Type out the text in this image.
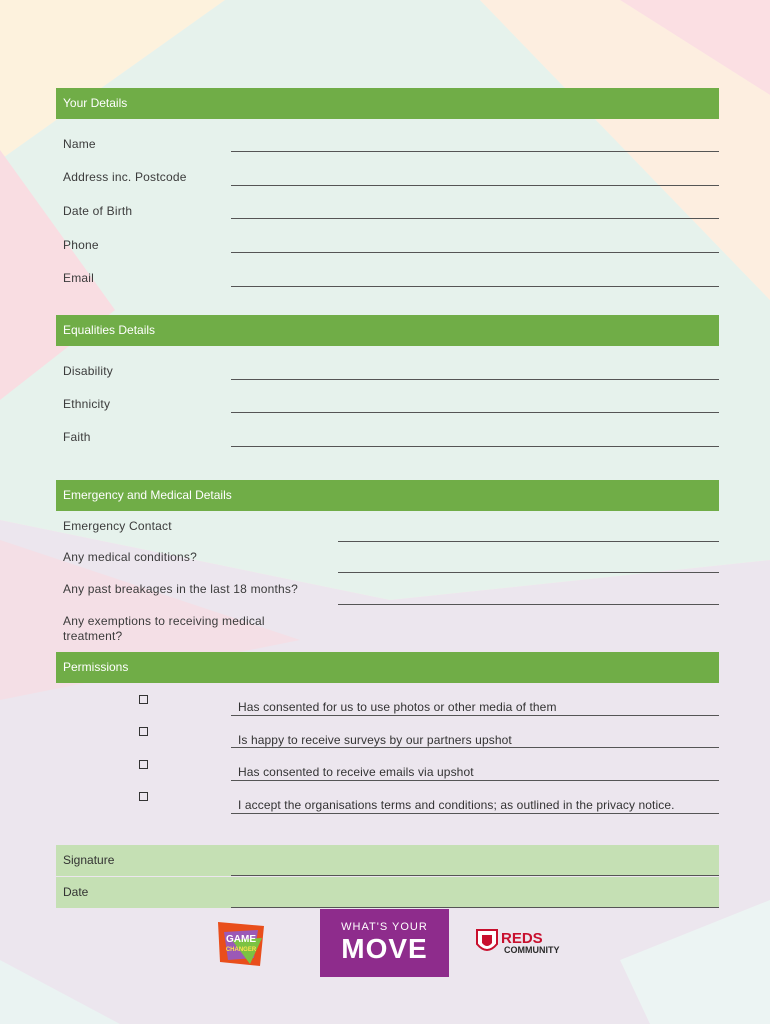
Your Details
Name
Address inc. Postcode
Date of Birth
Phone
Email
Equalities Details
Disability
Ethnicity
Faith
Emergency and Medical Details
Emergency Contact
Any medical conditions?
Any past breakages in the last 18 months?
Any exemptions to receiving medical
treatment?
Permissions
Has consented for us to use photos or other media of them
Is happy to receive surveys by our partners upshot
Has consented to receive emails via upshot
I accept the organisations terms and conditions; as outlined in the privacy notice.
Signature
Date
GAME
CHANGER
WHAT'S YOUR
MOVE	REDS
COMMUNITY
